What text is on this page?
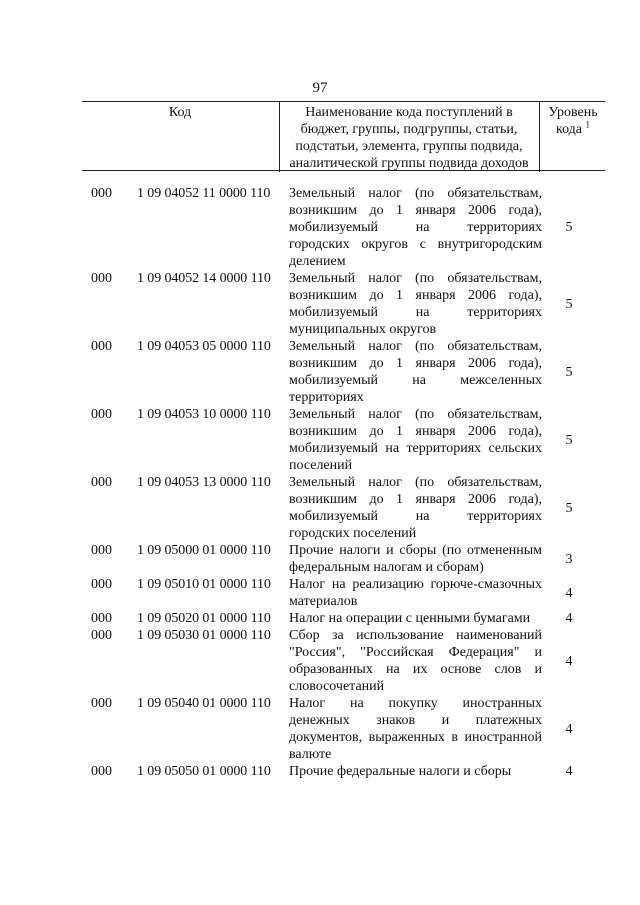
97
Код	Наименование кода поступлений в
бюджет, группы, подгруппы, статьи,
подстатьи, элемента, группы подвида,
аналитической группы подвида доходов
Уровень
кода $^1$
000	1 09 04052 11 0000 110	Земельный налог (по обязательствам,
возникшим до 1 января 2006 года),
мобилизуемый на территориях
городских округов с внутригородским
делением
5
000	1 09 04052 14 0000 110	Земельный налог (по обязательствам,
возникшим до 1 января 2006 года),
мобилизуемый на территориях
муниципальных округов
5
000	1 09 04053 05 0000 110	Земельный налог (по обязательствам,
возникшим до 1 января 2006 года),
мобилизуемый на межселенных
территориях
5
000	1 09 04053 10 0000 110	Земельный налог (по обязательствам,
возникшим до 1 января 2006 года),
мобилизуемый на территориях сельских
поселений
5
000	1 09 04053 13 0000 110	Земельный налог (по обязательствам,
возникшим до 1 января 2006 года),
мобилизуемый на территориях
городских поселений
5
000	1 09 05000 01 0000 110	Прочие налоги и сборы (по отмененным
федеральным налогам и сборам)
3
000	1 09 05010 01 0000 110	Налог на реализацию горюче-смазочных
материалов
4
000	1 09 05020 01 0000 110	Налог на операции с ценными бумагами	4
000	1 09 05030 01 0000 110	Сбор за использование наименований
"Россия", "Российская Федерация" и
образованных на их основе слов и
словосочетаний
4
000	1 09 05040 01 0000 110	Налог на покупку иностранных
денежных знаков и платежных
документов, выраженных в иностранной
валюте
4
000	1 09 05050 01 0000 110	Прочие федеральные налоги и сборы	4
